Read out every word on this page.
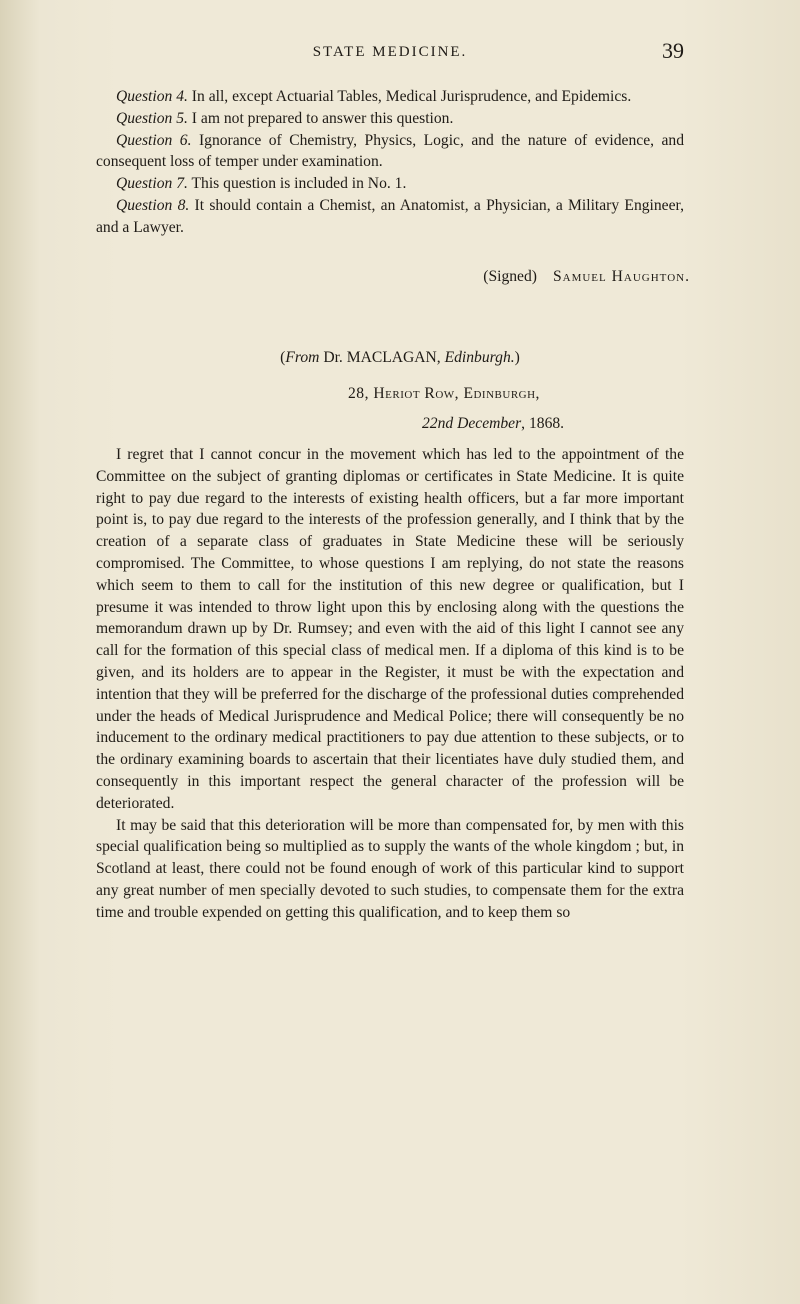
STATE MEDICINE.	39

Question 4. In all, except Actuarial Tables, Medical Jurisprudence, and Epidemics.

Question 5. I am not prepared to answer this question.

Question 6. Ignorance of Chemistry, Physics, Logic, and the nature of evidence, and consequent loss of temper under examination.

Question 7. This question is included in No. 1.

Question 8. It should contain a Chemist, an Anatomist, a Physician, a Military Engineer, and a Lawyer.

(Signed) Samuel Haughton.
(From Dr. MACLAGAN, Edinburgh.)
28, Heriot Row, Edinburgh,
22nd December, 1868.

I regret that I cannot concur in the movement which has led to the appointment of the Committee on the subject of granting diplomas or certificates in State Medicine. It is quite right to pay due regard to the interests of existing health officers, but a far more important point is, to pay due regard to the interests of the profession generally, and I think that by the creation of a separate class of graduates in State Medicine these will be seriously compromised. The Committee, to whose questions I am replying, do not state the reasons which seem to them to call for the institution of this new degree or qualification, but I presume it was intended to throw light upon this by enclosing along with the questions the memorandum drawn up by Dr. Rumsey; and even with the aid of this light I cannot see any call for the formation of this special class of medical men. If a diploma of this kind is to be given, and its holders are to appear in the Register, it must be with the expectation and intention that they will be preferred for the discharge of the professional duties comprehended under the heads of Medical Jurisprudence and Medical Police; there will consequently be no inducement to the ordinary medical practitioners to pay due attention to these subjects, or to the ordinary examining boards to ascertain that their licentiates have duly studied them, and consequently in this important respect the general character of the profession will be deteriorated.

It may be said that this deterioration will be more than compensated for, by men with this special qualification being so multiplied as to supply the wants of the whole kingdom ; but, in Scotland at least, there could not be found enough of work of this particular kind to support any great number of men specially devoted to such studies, to compensate them for the extra time and trouble expended on getting this qualification, and to keep them so
